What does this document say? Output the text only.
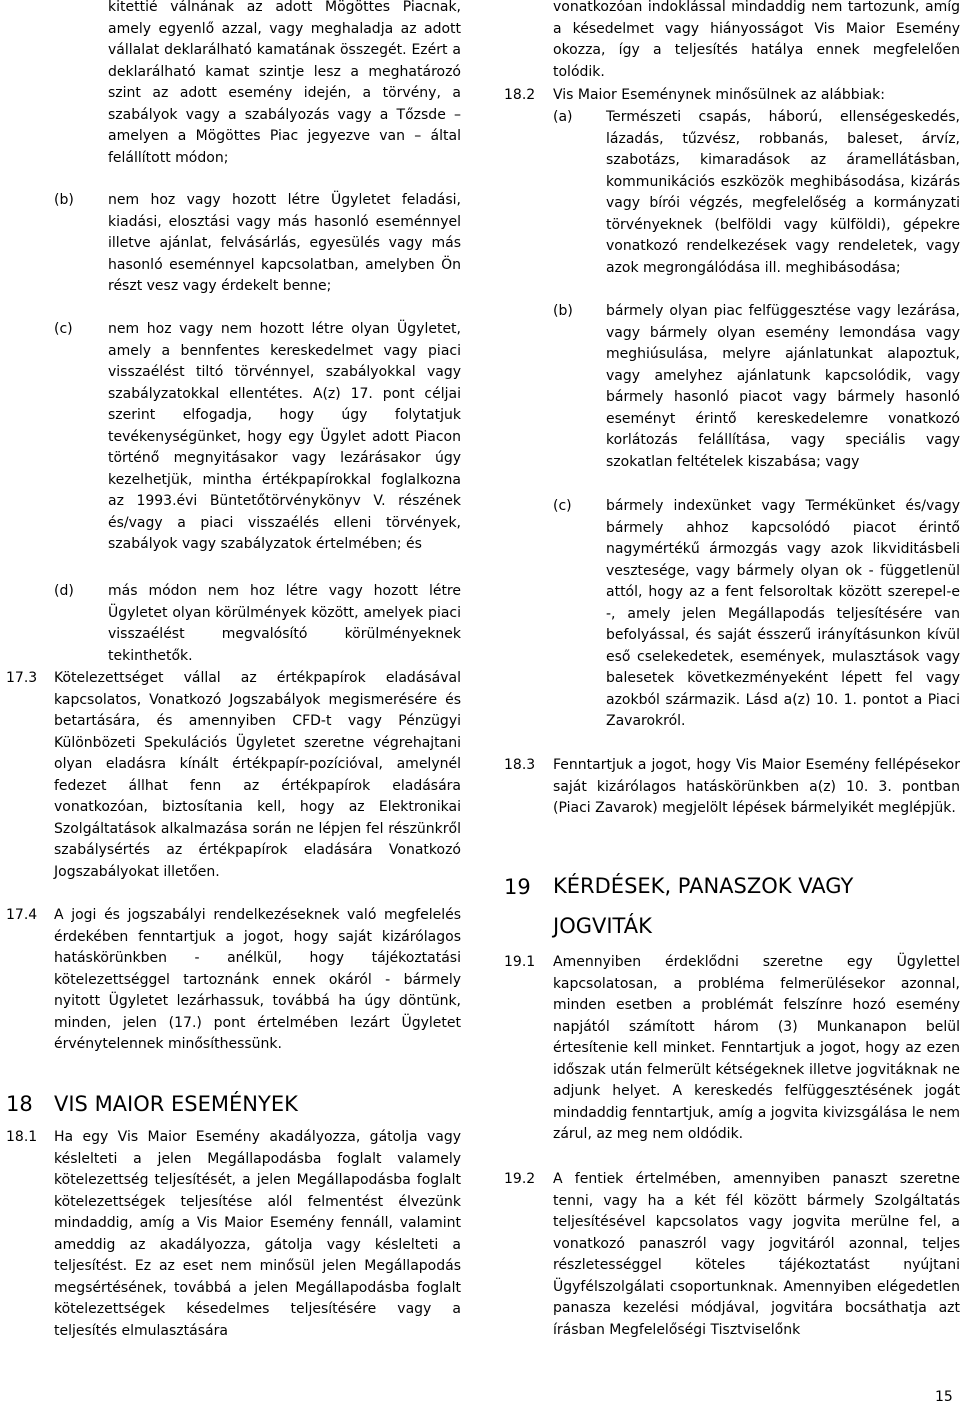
kitettié válnának az adott Mögöttes Piacnak, amely egyenlő azzal, vagy meghaladja az adott vállalat deklarálható kamatának összegét. Ezért a deklarálható kamat szintje lesz a meghatározó szint az adott esemény idején, a törvény, a szabályok vagy a szabályozás vagy a Tőzsde – amelyen a Mögöttes Piac jegyezve van – által felállított módon;

(b) nem hoz vagy hozott létre Ügyletet feladási, kiadási, elosztási vagy más hasonló eseménnyel illetve ajánlat, felvásárlás, egyesülés vagy más hasonló eseménnyel kapcsolatban, amelyben Ön részt vesz vagy érdekelt benne;

(c)	nem hoz vagy nem hozott létre olyan Ügyletet, amely a bennfentes kereskedelmet vagy piaci visszaélést tiltó törvénnyel, szabályokkal vagy szabályzatokkal ellentétes. A(z) 17. pont céljai szerint elfogadja, hogy úgy folytatjuk tevékenységünket, hogy egy Ügylet adott Piacon történő megnyitásakor vagy lezárásakor úgy kezelhetjük, mintha értékpapírokkal foglalkozna az 1993.évi Büntetőtörvénykönyv V. részének és/vagy a piaci visszaélés elleni törvények, szabályok vagy szabályzatok értelmében; és

(d) más módon nem hoz létre vagy hozott létre Ügyletet olyan körülmények között, amelyek piaci visszaélést megvalósító körülményeknek tekinthetők.

17.3 Kötelezettséget vállal az értékpapírok eladásával kapcsolatos, Vonatkozó Jogszabályok megismerésére és betartására, és amennyiben CFD-t vagy Pénzügyi Különbözeti Spekulációs Ügyletet szeretne végrehajtani olyan eladásra kínált értékpapír-pozícióval, amelynél fedezet állhat fenn az értékpapírok eladására vonatkozóan, biztosítania kell, hogy az Elektronikai Szolgáltatások alkalmazása során ne lépjen fel részünkről szabálysértés az értékpapírok eladására Vonatkozó Jogszabályokat illetően.

17.4 A jogi és jogszabályi rendelkezéseknek való megfelelés érdekében fenntartjuk a jogot, hogy saját kizárólagos hatáskörünkben - anélkül, hogy tájékoztatási kötelezettséggel tartoznánk ennek okáról - bármely nyitott Ügyletet lezárhassuk, továbbá ha úgy döntünk, minden, jelen (17.) pont értelmében lezárt Ügyletet érvénytelennek minősíthessünk.

18 VIS MAIOR ESEMÉNYEK
18.1 Ha egy Vis Maior Esemény akadályozza, gátolja vagy késlelteti a jelen Megállapodásba foglalt valamely kötelezettség teljesítését, a jelen Megállapodásba foglalt kötelezettségek teljesítése alól felmentést élvezünk mindaddig, amíg a Vis Maior Esemény fennáll, valamint ameddig az akadályozza, gátolja vagy késlelteti a teljesítést. Ez az eset nem minősül jelen Megállapodás megsértésének, továbbá a jelen Megállapodásba foglalt kötelezettségek késedelmes teljesítésére vagy a teljesítés elmulasztására

vonatkozóan indoklással mindaddig nem tartozunk, amíg a késedelmet vagy hiányosságot Vis Maior Esemény okozza, így a teljesítés hatálya ennek megfelelően tolódik.

18.2 Vis Maior Eseménynek minősülnek az alábbiak:

(a) Természeti csapás, háború, ellenségeskedés, lázadás, tűzvész, robbanás, baleset, árvíz, szabotázs, kimaradások az áramellátásban, kommunikációs eszközök meghibásodása, kizárás vagy bírói végzés, megfelelőség a kormányzati törvényeknek (belföldi vagy külföldi), gépekre vonatkozó rendelkezések vagy rendeletek, vagy azok megrongálódása ill. meghibásodása;

(b) bármely olyan piac felfüggesztése vagy lezárása, vagy bármely olyan esemény lemondása vagy meghiúsulása, melyre ajánlatunkat alapoztuk, vagy amelyhez ajánlatunk kapcsolódik, vagy bármely hasonló piacot vagy bármely hasonló eseményt érintő kereskedelemre vonatkozó korlátozás felállítása, vagy speciális vagy szokatlan feltételek kiszabása; vagy

(c) bármely indexünket vagy Termékünket és/vagy bármely ahhoz kapcsolódó piacot érintő nagymértékű ármozgás vagy azok likviditásbeli vesztesége, vagy bármely olyan ok - függetlenül attól, hogy az a fent felsoroltak között szerepel-e -, amely jelen Megállapodás teljesítésére van befolyással, és saját ésszerű irányításunkon kívül eső cselekedetek, események, mulasztások vagy balesetek következményeként lépett fel vagy azokból származik. Lásd a(z) 10. 1. pontot a Piaci Zavarokról.

18.3 Fenntartjuk a jogot, hogy Vis Maior Esemény fellépésekor saját kizárólagos hatáskörünkben a(z) 10. 3. pontban (Piaci Zavarok) megjelölt lépések bármelyikét meglépjük.

19 KÉRDÉSEK, PANASZOK VAGY JOGVITÁK

19.1 Amennyiben érdeklődni szeretne egy Ügylettel kapcsolatosan, a probléma felmerülésekor azonnal, minden esetben a problémát felszínre hozó esemény napjától számított három (3) Munkanapon belül értesítenie kell minket. Fenntartjuk a jogot, hogy az ezen időszak után felmerült kétségeknek illetve jogvitáknak ne adjunk helyet. A kereskedés felfüggesztésének jogát mindaddig fenntartjuk, amíg a jogvita kivizsgálása le nem zárul, az meg nem oldódik.

19.2 A fentiek értelmében, amennyiben panaszt szeretne tenni, vagy ha a két fél között bármely Szolgáltatás teljesítésével kapcsolatos vagy jogvita merülne fel, a vonatkozó panaszról vagy jogvitáról azonnal, teljes részletességgel köteles tájékoztatást nyújtani Ügyfélszolgálati csoportunknak. Amennyiben elégedetlen panasza kezelési módjával, jogvitára bocsáthatja azt írásban Megfelelőségi Tisztviselőnk

15
